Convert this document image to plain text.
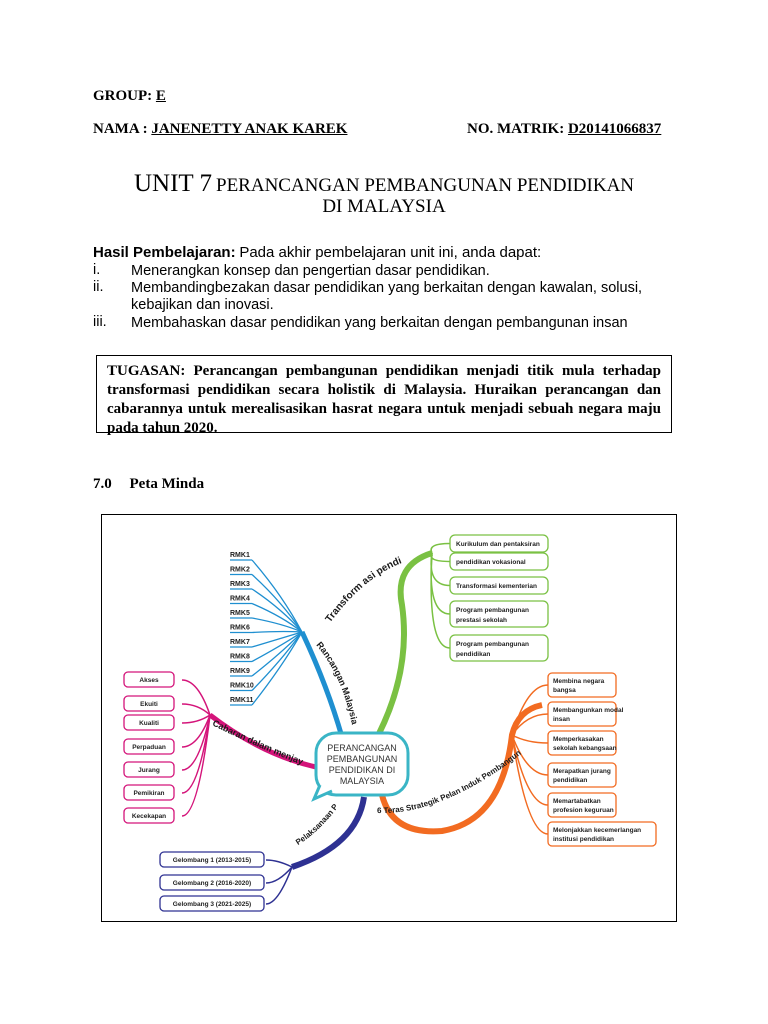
GROUP: E
NAMA : JANENETTY ANAK KAREK	NO. MATRIK: D20141066837
UNIT 7 PERANCANGAN PEMBANGUNAN PENDIDIKAN
DI MALAYSIA
Hasil Pembelajaran: Pada akhir pembelajaran unit ini, anda dapat:
i. Menerangkan konsep dan pengertian dasar pendidikan.
ii. Membandingbezakan dasar pendidikan yang berkaitan dengan kawalan, solusi,
kebajikan dan inovasi.
iii. Membahaskan dasar pendidikan yang berkaitan dengan pembangunan insan
TUGASAN: Perancangan pembangunan pendidikan menjadi titik mula terhadap transformasi pendidikan secara holistik di Malaysia. Huraikan perancangan dan cabarannya untuk merealisasikan hasrat negara untuk menjadi sebuah negara maju pada tahun 2020.
7.0 Peta Minda
RMK1
RMK2
RMK3
RMK4
RMK5
RMK6
RMK7
RMK8
RMK9
RMK10
RMK11
Rancangan Malaysia
Kurikulum dan pentaksiran
pendidikan vokasional
Transformasi kementerian
Program pembangunan
prestasi sekolah
Program pembangunan
pendidikan
Transform asi pendi
Akses
Ekuiti
Kualiti
Perpaduan
Jurang
Pemikiran
Kecekapan
Cabaran dalam menjay
Gelombang 1 (2013-2015)
Gelombang 2 (2016-2020)
Gelombang 3 (2021-2025)
Pelaksanaan P
Membina negara
bangsa
Membangunkan modal
insan
Memperkasakan
sekolah kebangsaan
Merapatkan jurang
pendidikan
Memartabatkan
profesion keguruan
Melonjakkan kecemerlangan
institusi pendidikan
6 Teras Strategik Pelan Induk Pembangun
PERANCANGAN
PEMBANGUNAN
PENDIDIKAN DI
MALAYSIA
